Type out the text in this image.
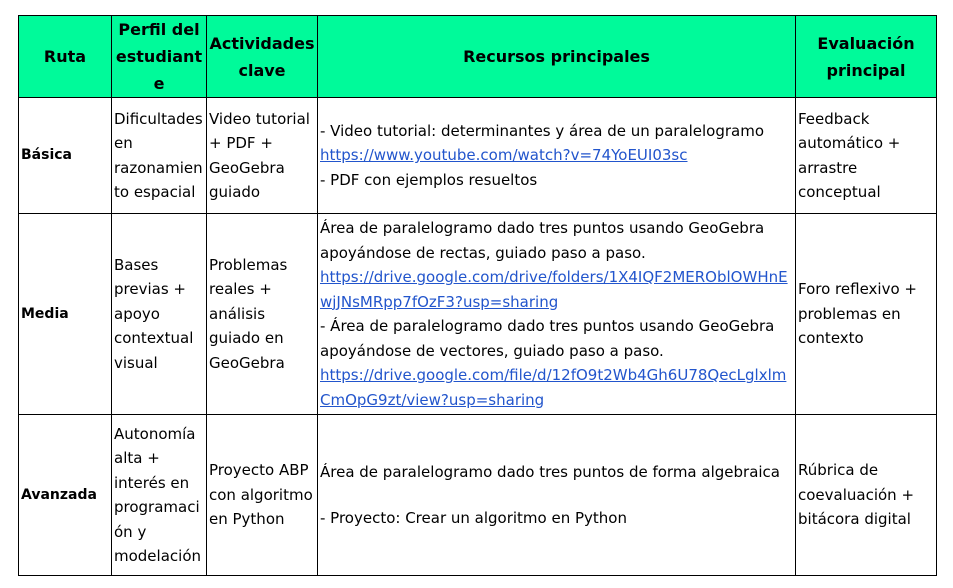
Ruta	Perfil del estudiante	Actividades clave	Recursos principales	Evaluación principal
Básica	Dificultades en razonamiento espacial	Video tutorial + PDF + GeoGebra guiado	- Video tutorial: determinantes y área de un paralelogramo
https://www.youtube.com/watch?v=74YoEUI03sc
- PDF con ejemplos resueltos	Feedback automático + arrastre conceptual
Media	Bases previas + apoyo contextual visual	Problemas reales + análisis guiado en GeoGebra	Área de paralelogramo dado tres puntos usando GeoGebra apoyándose de rectas, guiado paso a paso.
https://drive.google.com/drive/folders/1X4IQF2MEROblOWHnEwjJNsMRpp7fOzF3?usp=sharing
- Área de paralelogramo dado tres puntos usando GeoGebra apoyándose de vectores, guiado paso a paso.
https://drive.google.com/file/d/12fO9t2Wb4Gh6U78QecLglxlmCmOpG9zt/view?usp=sharing	Foro reflexivo + problemas en contexto
Avanzada	Autonomía alta + interés en programación y modelación	Proyecto ABP con algoritmo en Python	Área de paralelogramo dado tres puntos de forma algebraica
- Proyecto: Crear un algoritmo en Python	Rúbrica de coevaluación + bitácora digital
